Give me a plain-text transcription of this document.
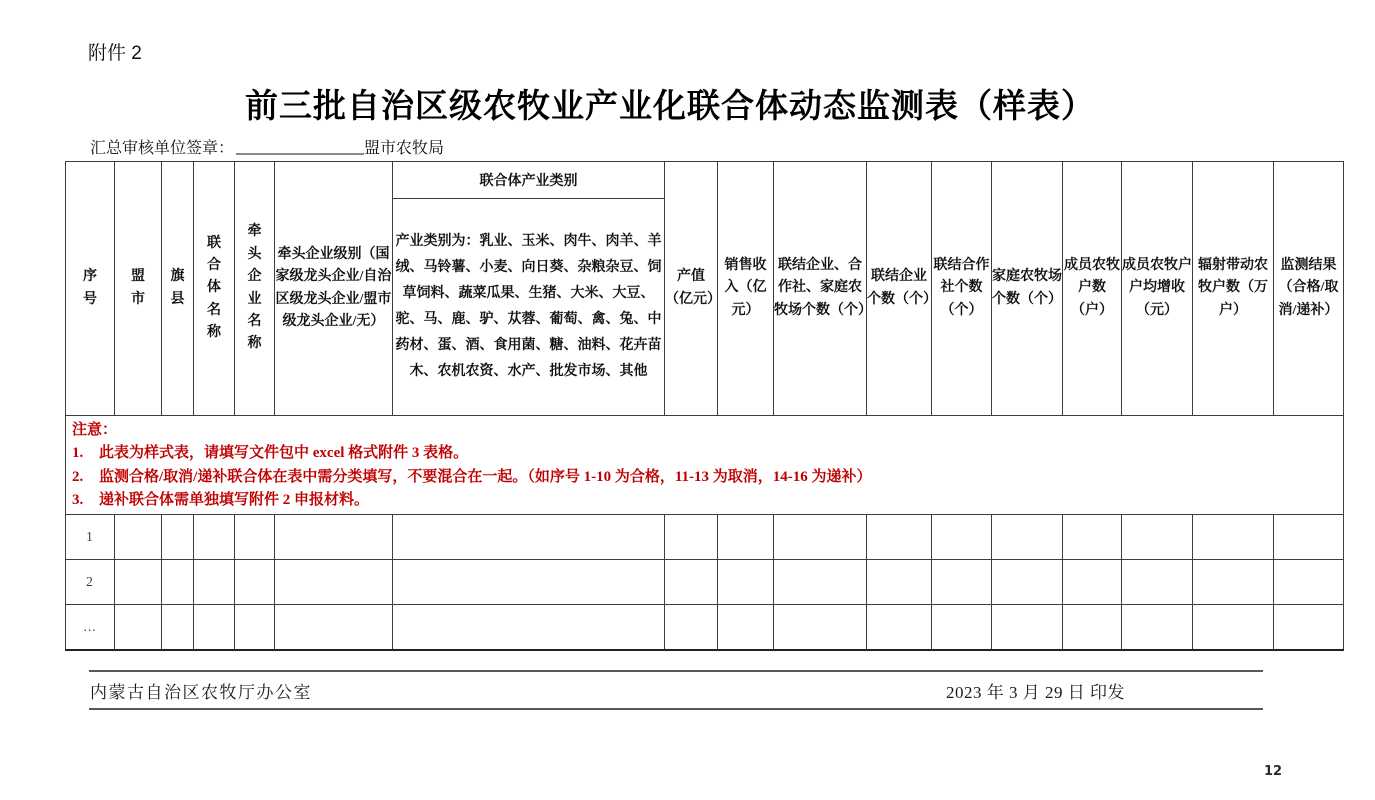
附件 2
前三批自治区级农牧业产业化联合体动态监测表（样表）
汇总审核单位签章：	盟市农牧局
序号	盟市	旗县	联合体名称	牵头企业名称	牵头企业级别（国家级龙头企业/自治区级龙头企业/盟市级龙头企业/无）	联合体产业类别	产值（亿元）	销售收入（亿元）	联结企业、合作社、家庭农牧场个数（个）	联结企业个数（个）	联结合作社个数（个）	家庭农牧场个数（个）	成员农牧户数（户）	成员农牧户户均增收（元）	辐射带动农牧户数（万户）	监测结果（合格/取消/递补）
						产业类别为：乳业、玉米、肉牛、肉羊、羊绒、马铃薯、小麦、向日葵、杂粮杂豆、饲草饲料、蔬菜瓜果、生猪、大米、大豆、驼、马、鹿、驴、苁蓉、葡萄、禽、兔、中药材、蛋、酒、食用菌、糖、油料、花卉苗木、农机农资、水产、批发市场、其他										

注意：
1.	此表为样式表，请填写文件包中 excel 格式附件 3 表格。
2.	监测合格/取消/递补联合体在表中需分类填写，不要混合在一起。（如序号 1-10 为合格，11-13 为取消，14-16 为递补）
3.	递补联合体需单独填写附件 2 申报材料。

1																
2																
...																
内蒙古自治区农牧厅办公室	2023 年 3 月 29 日 印发
12
